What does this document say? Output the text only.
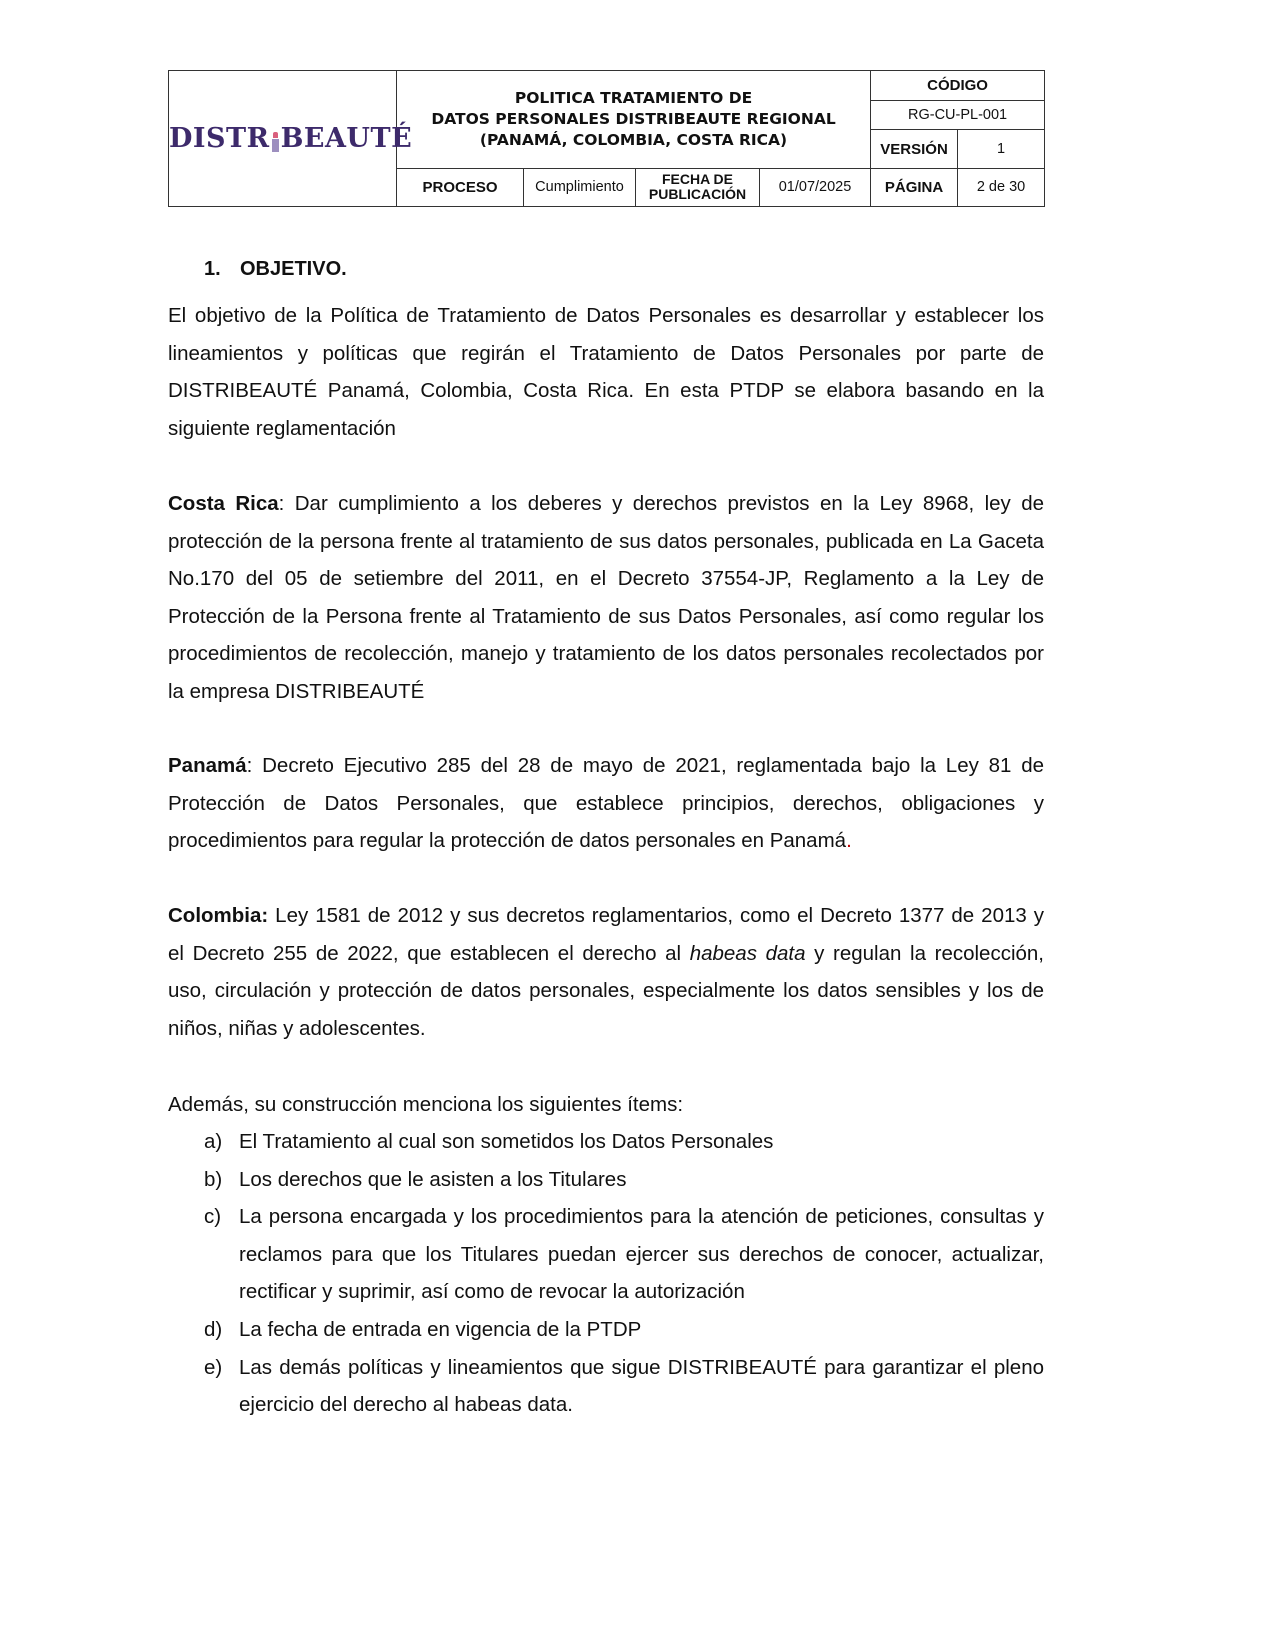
DISTR BEAUTÉ

POLITICA TRATAMIENTO DE
DATOS PERSONALES DISTRIBEAUTE REGIONAL
(PANAMÁ, COLOMBIA, COSTA RICA)
	CÓDIGO
					RG-CU-PL-001	
					VERSIÓN	1
	PROCESO	Cumplimiento	FECHA DE
PUBLICACIÓN	01/07/2025	PÁGINA	2 de 30
1. OBJETIVO.
El objetivo de la Política de Tratamiento de Datos Personales es desarrollar y establecer los lineamientos y políticas que regirán el Tratamiento de Datos Personales por parte de DISTRIBEAUTÉ Panamá, Colombia, Costa Rica. En esta PTDP se elabora basando en la siguiente reglamentación
Costa Rica: Dar cumplimiento a los deberes y derechos previstos en la Ley 8968, ley de protección de la persona frente al tratamiento de sus datos personales, publicada en La Gaceta No.170 del 05 de setiembre del 2011, en el Decreto 37554-JP, Reglamento a la Ley de Protección de la Persona frente al Tratamiento de sus Datos Personales, así como regular los procedimientos de recolección, manejo y tratamiento de los datos personales recolectados por la empresa DISTRIBEAUTÉ
Panamá: Decreto Ejecutivo 285 del 28 de mayo de 2021, reglamentada bajo la Ley 81 de Protección de Datos Personales, que establece principios, derechos, obligaciones y procedimientos para regular la protección de datos personales en Panamá.
Colombia: Ley 1581 de 2012 y sus decretos reglamentarios, como el Decreto 1377 de 2013 y el Decreto 255 de 2022, que establecen el derecho al habeas data y regulan la recolección, uso, circulación y protección de datos personales, especialmente los datos sensibles y los de niños, niñas y adolescentes.
Además, su construcción menciona los siguientes ítems:
a) El Tratamiento al cual son sometidos los Datos Personales
b) Los derechos que le asisten a los Titulares
c) La persona encargada y los procedimientos para la atención de peticiones, consultas y reclamos para que los Titulares puedan ejercer sus derechos de conocer, actualizar, rectificar y suprimir, así como de revocar la autorización
d) La fecha de entrada en vigencia de la PTDP
e) Las demás políticas y lineamientos que sigue DISTRIBEAUTÉ para garantizar el pleno ejercicio del derecho al habeas data.
